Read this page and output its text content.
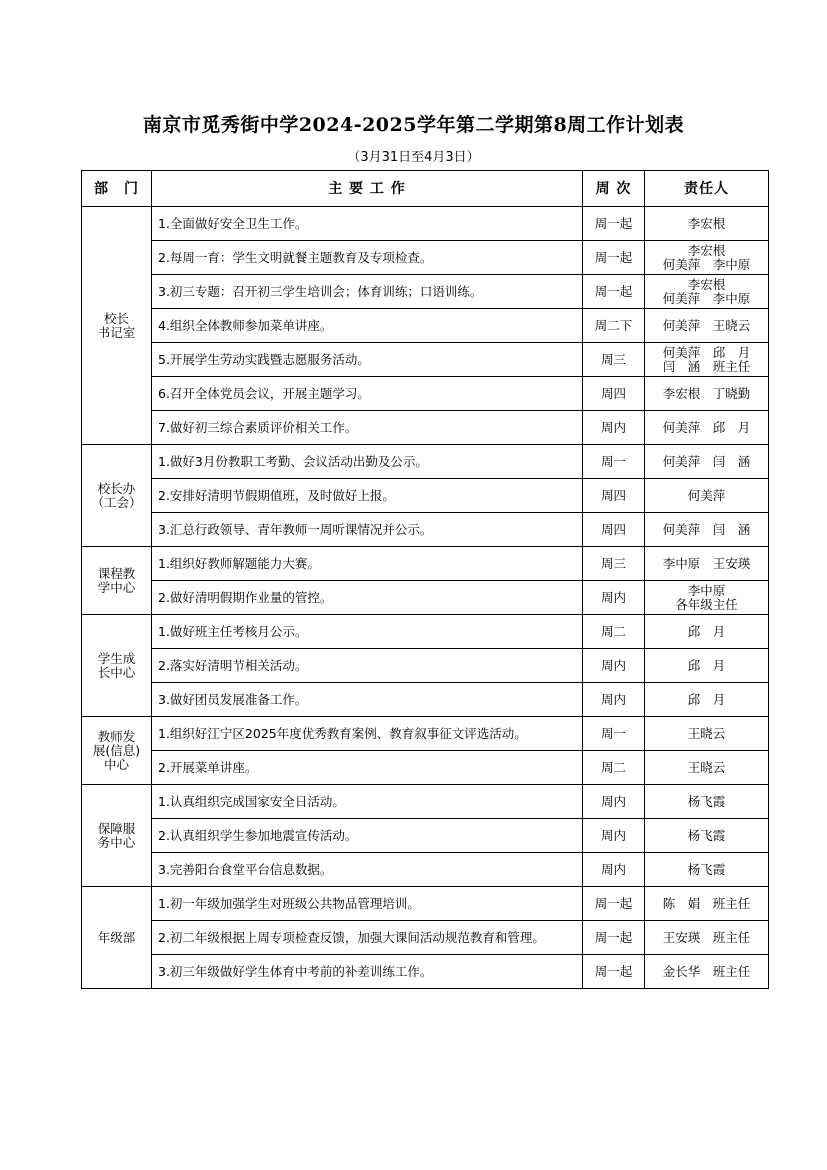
南京市觅秀街中学2024-2025学年第二学期第8周工作计划表
（3月31日至4月3日）
部　门	主 要 工 作	周 次	责任人

校长
书记室	1.全面做好安全卫生工作。	周一起	李宏根

	2.每周一育：学生文明就餐主题教育及专项检查。	周一起	李宏根
何美萍　李中原

	3.初三专题：召开初三学生培训会；体育训练；口语训练。	周一起	李宏根
何美萍　李中原

	4.组织全体教师参加菜单讲座。	周二下	何美萍　王晓云

	5.开展学生劳动实践暨志愿服务活动。	周三	何美萍　邱　月
闫　涵　班主任

	6.召开全体党员会议，开展主题学习。	周四	李宏根　丁晓勤

	7.做好初三综合素质评价相关工作。	周内	何美萍　邱　月

校长办
（工会）	1.做好3月份教职工考勤、会议活动出勤及公示。	周一	何美萍　闫　涵

	2.安排好清明节假期值班，及时做好上报。	周四	何美萍

	3.汇总行政领导、青年教师一周听课情况并公示。	周四	何美萍　闫　涵

课程教
学中心	1.组织好教师解题能力大赛。	周三	李中原　王安瑛

	2.做好清明假期作业量的管控。	周内	李中原
各年级主任

学生成
长中心	1.做好班主任考核月公示。	周二	邱　月

	2.落实好清明节相关活动。	周内	邱　月

	3.做好团员发展准备工作。	周内	邱　月

教师发
展(信息)
中心	1.组织好江宁区2025年度优秀教育案例、教育叙事征文评选活动。	周一	王晓云

	2.开展菜单讲座。	周二	王晓云

保障服
务中心	1.认真组织完成国家安全日活动。	周内	杨飞霞

	2.认真组织学生参加地震宣传活动。	周内	杨飞霞

	3.完善阳台食堂平台信息数据。	周内	杨飞霞

年级部	1.初一年级加强学生对班级公共物品管理培训。	周一起	陈　娟　班主任

	2.初二年级根据上周专项检查反馈，加强大课间活动规范教育和管理。	周一起	王安瑛　班主任

	3.初三年级做好学生体育中考前的补差训练工作。	周一起	金长华　班主任
